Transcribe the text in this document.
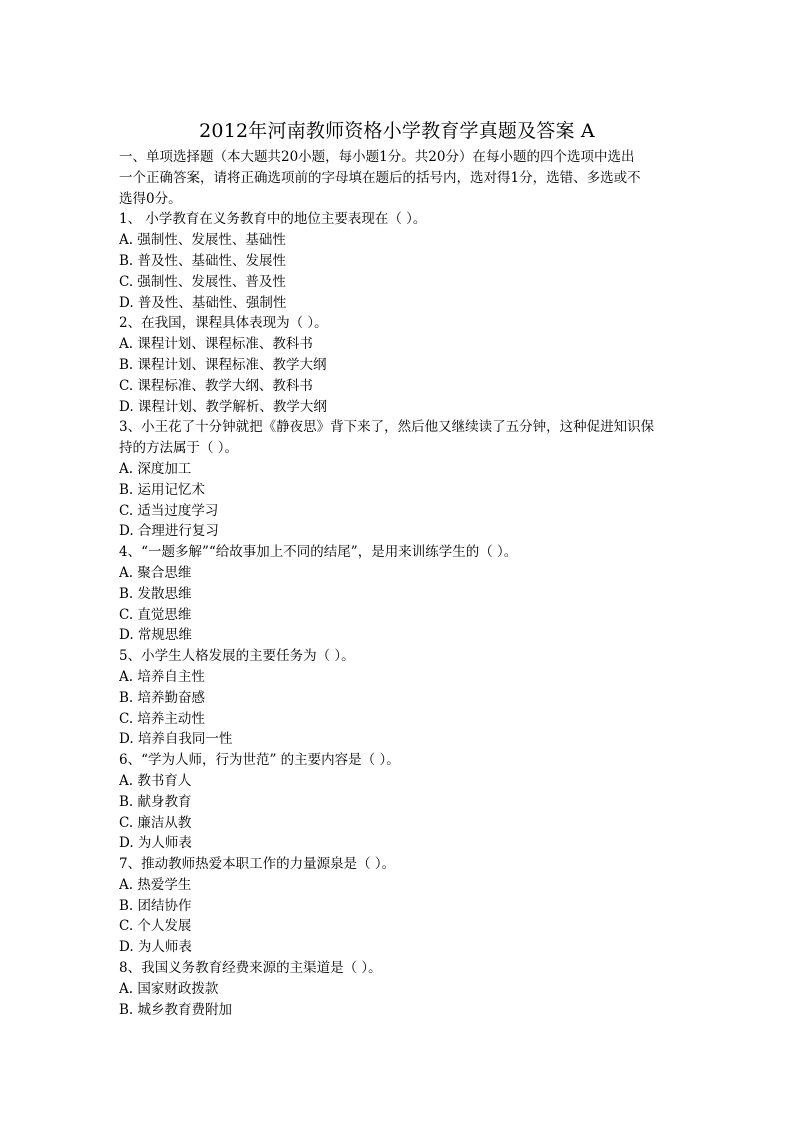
2012年河南教师资格小学教育学真题及答案 A
一、单项选择题（本大题共20小题，每小题1分。共20分）在每小题的四个选项中选出
一个正确答案，请将正确选项前的字母填在题后的括号内，选对得1分，选错、多选或不
选得0分。
1、 小学教育在义务教育中的地位主要表现在（ ）。
A. 强制性、发展性、基础性
B. 普及性、基础性、发展性
C. 强制性、发展性、普及性
D. 普及性、基础性、强制性
2、在我国，课程具体表现为（ ）。
A. 课程计划、课程标准、教科书
B. 课程计划、课程标准、教学大纲
C. 课程标准、教学大纲、教科书
D. 课程计划、教学解析、教学大纲
3、小王花了十分钟就把《静夜思》背下来了，然后他又继续读了五分钟，这种促进知识保
持的方法属于（ ）。
A. 深度加工
B. 运用记忆术
C. 适当过度学习
D. 合理进行复习
4、“一题多解”“给故事加上不同的结尾”，是用来训练学生的（ ）。
A. 聚合思维
B. 发散思维
C. 直觉思维
D. 常规思维
5、小学生人格发展的主要任务为（ ）。
A. 培养自主性
B. 培养勤奋感
C. 培养主动性
D. 培养自我同一性
6、“学为人师，行为世范” 的主要内容是（ ）。
A. 教书育人
B. 献身教育
C. 廉洁从教
D. 为人师表
7、推动教师热爱本职工作的力量源泉是（ ）。
A. 热爱学生
B. 团结协作
C. 个人发展
D. 为人师表
8、我国义务教育经费来源的主渠道是（ ）。
A. 国家财政拨款
B. 城乡教育费附加
